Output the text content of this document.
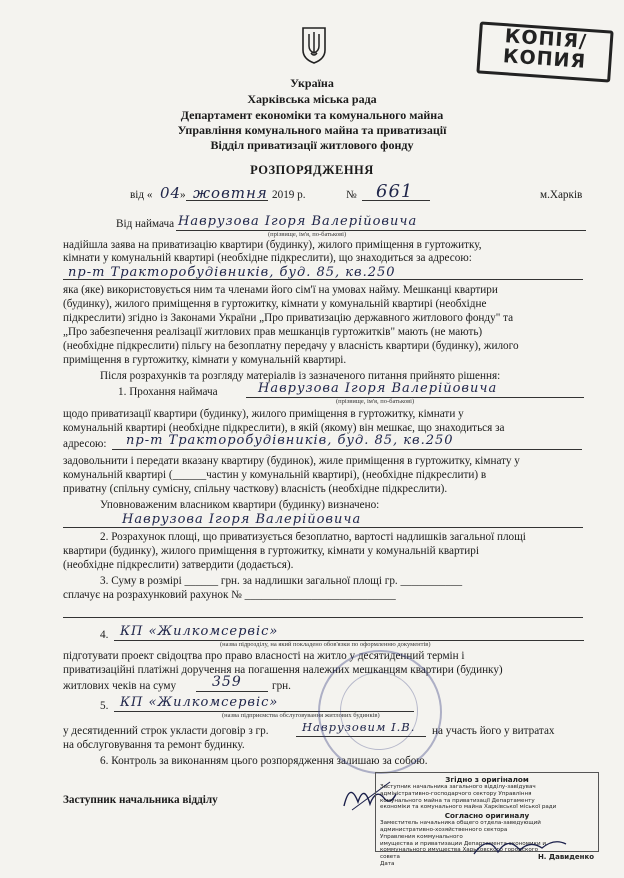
КОПІЯ/
КОПИЯ
Україна
Харківська міська рада
Департамент економіки та комунального майна
Управління комунального майна та приватизації
Відділ приватизації житлового фонду
РОЗПОРЯДЖЕННЯ
від « 04
» жовтня 2019 р.	№ 661	м.Харків
Від наймача Наврузова Ігоря Валерійовича
(прізвище, ім'я, по-батькові)
надійшла заява на приватизацію квартири (будинку), жилого приміщення в гуртожитку,
кімнати у комунальній квартирі (необхідне підкреслити), що знаходиться за адресою:
пр-т Тракторобудівників, буд. 85, кв.250
яка (яке) використовується ним та членами його сім'ї на умовах найму. Мешканці квартири
(будинку), жилого приміщення в гуртожитку, кімнати у комунальній квартирі (необхідне
підкреслити) згідно із Законами України „Про приватизацію державного житлового фонду" та
„Про забезпечення реалізації житлових прав мешканців гуртожитків" мають (не мають)
(необхідне підкреслити) пільгу на безоплатну передачу у власність квартири (будинку), жилого
приміщення в гуртожитку, кімнати у комунальній квартирі.
Після розрахунків та розгляду матеріалів із зазначеного питання прийнято рішення:
1. Прохання наймача	Наврузова Ігоря Валерійовича
(прізвище, ім'я, по-батькові)
щодо приватизації квартири (будинку), жилого приміщення в гуртожитку, кімнати у
комунальній квартирі (необхідне підкреслити), в якій (якому) він мешкає, що знаходиться за
адресою: пр-т Тракторобудівників, буд. 85, кв.250
задовольнити і передати вказану квартиру (будинок), жиле приміщення в гуртожитку, кімнату у
комунальній квартирі (______частин у комунальній квартирі), (необхідне підкреслити) в
приватну (спільну сумісну, спільну часткову) власність (необхідне підкреслити).
Уповноваженим власником квартири (будинку) визначено:
Наврузова Ігоря Валерійовича
2. Розрахунок площі, що приватизується безоплатно, вартості надлишків загальної площі
квартири (будинку), жилого приміщення в гуртожитку, кімнати у комунальній квартирі
(необхідне підкреслити) затвердити (додається).
3. Суму в розмірі ______ грн. за надлишки загальної площі гр. ___________
сплачує на розрахунковий рахунок № ___________________________
4. КП «Жилкомсервіс»
(назва підрозділу, на який покладено обов'язки по оформленню документів)
підготувати проект свідоцтва про право власності на житло у десятиденний термін і
приватизаційні платіжні доручення на погашення належних мешканцям квартири (будинку)
житлових чеків на суму	359	грн.
5. КП «Жилкомсервіс»
(назва підприємства обслуговування житлових будинків)
у десятиденний строк укласти договір з гр.	Наврузовим І.В. на участь його у витратах
на обслуговування та ремонт будинку.
6. Контроль за виконанням цього розпорядження залишаю за собою.
Заступник начальника відділу
Згідно з оригіналом
Заступник начальника загального відділу-завідувач
адміністративно-господарчого сектору Управління
комунального майна та приватизації Департаменту
економіки та комунального майна Харківської міської ради
Согласно оригиналу
Заместитель начальника общего отдела-заведующий
административно-хозяйственного сектора
Управления коммунального
имущества и приватизации Департамента экономики и
коммунального имущества Харьковского городского
совета	Н. Давиденко
Дата
